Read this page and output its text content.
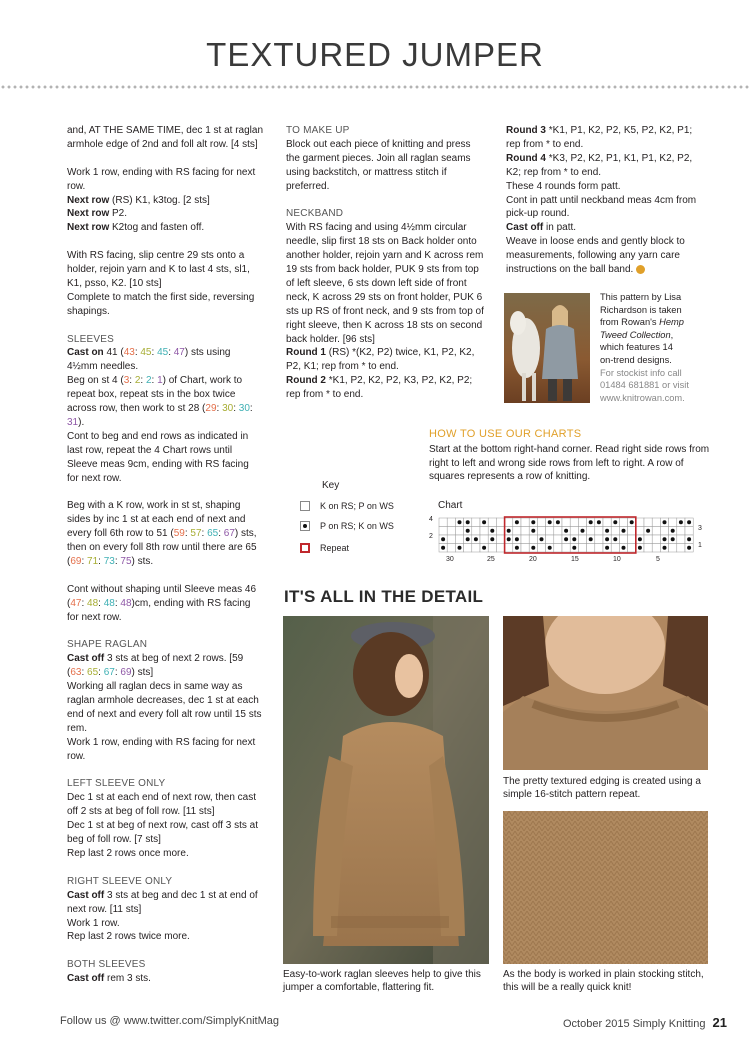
TEXTURED JUMPER

and, AT THE SAME TIME, dec 1 st at raglan armhole edge of 2nd and foll alt row. [4 sts]

Work 1 row, ending with RS facing for next row.

Next row (RS) K1, k3tog. [2 sts]

Next row P2.

Next row K2tog and fasten off.

With RS facing, slip centre 29 sts onto a holder, rejoin yarn and K to last 4 sts, sl1, K1, psso, K2. [10 sts]

Complete to match the first side, reversing shapings.

SLEEVES

Cast on 41 (43: 45: 45: 47) sts using 4½mm needles.

Beg on st 4 (3: 2: 2: 1) of Chart, work to repeat box, repeat sts in the box twice across row, then work to st 28 (29: 30: 30: 31).

Cont to beg and end rows as indicated in last row, repeat the 4 Chart rows until Sleeve meas 9cm, ending with RS facing for next row.

Beg with a K row, work in st st, shaping sides by inc 1 st at each end of next and every foll 6th row to 51 (59: 57: 65: 67) sts, then on every foll 8th row until there are 65 (69: 71: 73: 75) sts.

Cont without shaping until Sleeve meas 46 (47: 48: 48: 48)cm, ending with RS facing for next row.

SHAPE RAGLAN

Cast off 3 sts at beg of next 2 rows. [59 (63: 65: 67: 69) sts]

Working all raglan decs in same way as raglan armhole decreases, dec 1 st at each end of next and every foll alt row until 15 sts rem.

Work 1 row, ending with RS facing for next row.

LEFT SLEEVE ONLY

Dec 1 st at each end of next row, then cast off 2 sts at beg of foll row. [11 sts]

Dec 1 st at beg of next row, cast off 3 sts at beg of foll row. [7 sts]

Rep last 2 rows once more.

RIGHT SLEEVE ONLY

Cast off 3 sts at beg and dec 1 st at end of next row. [11 sts]

Work 1 row.

Rep last 2 rows twice more.

BOTH SLEEVES

Cast off rem 3 sts.

TO MAKE UP

Block out each piece of knitting and press the garment pieces. Join all raglan seams using backstitch, or mattress stitch if preferred.

NECKBAND

With RS facing and using 4½mm circular needle, slip first 18 sts on Back holder onto another holder, rejoin yarn and K across rem 19 sts from back holder, PUK 9 sts from top of left sleeve, 6 sts down left side of front neck, K across 29 sts on front holder, PUK 6 sts up RS of front neck, and 9 sts from top of right sleeve, then K across 18 sts on second back holder. [96 sts]

Round 1 (RS) *(K2, P2) twice, K1, P2, K2, P2, K1; rep from * to end.

Round 2 *K1, P2, K2, P2, K3, P2, K2, P2; rep from * to end.

Round 3 *K1, P1, K2, P2, K5, P2, K2, P1; rep from * to end.

Round 4 *K3, P2, K2, P1, K1, P1, K2, P2, K2; rep from * to end.

These 4 rounds form patt.

Cont in patt until neckband meas 4cm from pick-up round.

Cast off in patt.

Weave in loose ends and gently block to measurements, following any yarn care instructions on the ball band.

This pattern by Lisa

Richardson is taken

from Rowan's Hemp

Tweed Collection,

which features 14

on-trend designs.

For stockist info call

01484 681881 or visit

www.knitrowan.com.

HOW TO USE OUR CHARTS
Start at the bottom right-hand corner. Read right side rows from right to left and wrong side rows from left to right. A row of squares represents a row of knitting.
Key
K on RS; P on WS
P on RS; K on WS
Repeat
Chart
4
2
3
1
30	25	20	15	10	5
IT'S ALL IN THE DETAIL

Easy-to-work raglan sleeves help to give this jumper a comfortable, flattering fit.

The pretty textured edging is created using a simple 16-stitch pattern repeat.

As the body is worked in plain stocking stitch, this will be a really quick knit!

Follow us @ www.twitter.com/SimplyKnitMag	October 2015 Simply Knitting 21
